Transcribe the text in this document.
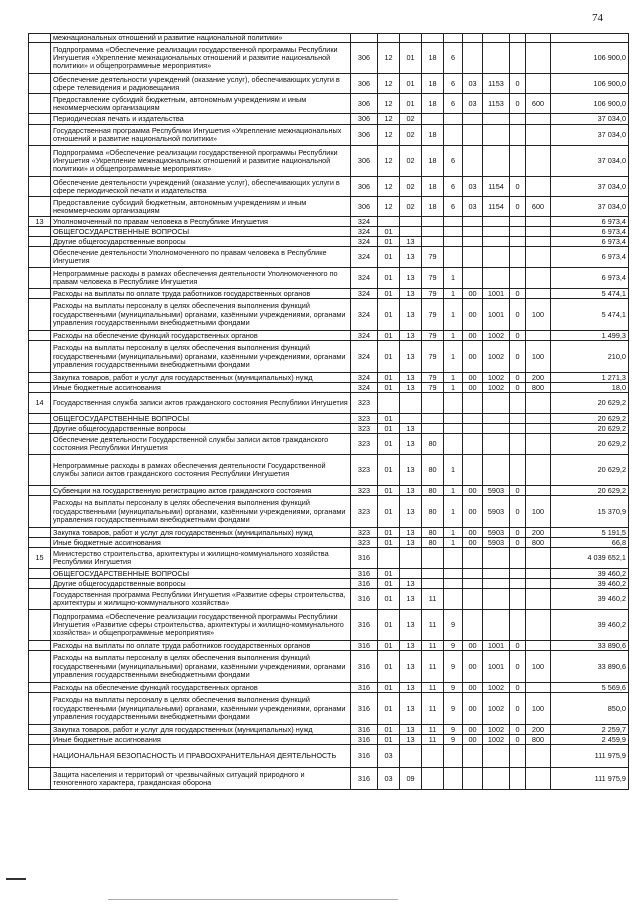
74
	межнациональных отношений и развитие национальной политики»										
	Подпрограмма «Обеспечение реализации государственной программы Республики Ингушетия «Укрепление межнациональных отношений и развитие национальной политики» и общепрограммные мероприятия»	306	12	01	18	6					106 900,0
	Обеспечение деятельности учреждений (оказание услуг), обеспечивающих услуги в сфере телевидения и радиовещания	306	12	01	18	6	03	1153	0		106 900,0
	Предоставление субсидий бюджетным, автономным учреждениям и иным некоммерческим организациям	306	12	01	18	6	03	1153	0	600	106 900,0
	Периодическая печать и издательства	306	12	02							37 034,0
	Государственная программа Республики Ингушетия «Укрепление межнациональных отношений и развитие национальной политики»	306	12	02	18						37 034,0
	Подпрограмма «Обеспечение реализации государственной программы Республики Ингушетия «Укрепление межнациональных отношений и развитие национальной политики» и общепрограммные мероприятия»	306	12	02	18	6					37 034,0
	Обеспечение деятельности учреждений (оказание услуг), обеспечивающих услуги в сфере периодической печати и издательства	306	12	02	18	6	03	1154	0		37 034,0
	Предоставление субсидий бюджетным, автономным учреждениям и иным некоммерческим организациям	306	12	02	18	6	03	1154	0	600	37 034,0
13	Уполномоченный по правам человека в Республике Ингушетия	324									6 973,4
	ОБЩЕГОСУДАРСТВЕННЫЕ ВОПРОСЫ	324	01								6 973,4
	Другие общегосударственные вопросы	324	01	13							6 973,4
	Обеспечение деятельности Уполномоченного по правам человека в Республике Ингушетия	324	01	13	79						6 973,4
	Непрограммные расходы в рамках обеспечения деятельности Уполномоченного по правам человека в Республике Ингушетия	324	01	13	79	1					6 973,4
	Расходы на выплаты по оплате труда работников государственных органов	324	01	13	79	1	00	1001	0		5 474,1
	Расходы на выплаты персоналу в целях обеспечения выполнения функций государственными (муниципальными) органами, казёнными учреждениями, органами управления государственными внебюджетными фондами	324	01	13	79	1	00	1001	0	100	5 474,1
	Расходы на обеспечение функций государственных органов	324	01	13	79	1	00	1002	0		1 499,3
	Расходы на выплаты персоналу в целях обеспечения выполнения функций государственными (муниципальными) органами, казёнными учреждениями, органами управления государственными внебюджетными фондами	324	01	13	79	1	00	1002	0	100	210,0
	Закупка товаров, работ и услуг для государственных (муниципальных) нужд	324	01	13	79	1	00	1002	0	200	1 271,3
	Иные бюджетные ассигнования	324	01	13	79	1	00	1002	0	800	18,0
14	Государственная служба записи актов гражданского состояния Республики Ингушетия	323									20 629,2
	ОБЩЕГОСУДАРСТВЕННЫЕ ВОПРОСЫ	323	01								20 629,2
	Другие общегосударственные вопросы	323	01	13							20 629,2
	Обеспечение деятельности Государственной службы записи актов гражданского состояния Республики Ингушетия	323	01	13	80						20 629,2
	Непрограммные расходы в рамках обеспечения деятельности Государственной службы записи актов гражданского состояния Республики Ингушетия	323	01	13	80	1					20 629,2
	Субвенции на государственную регистрацию актов гражданского состояния	323	01	13	80	1	00	5903	0		20 629,2
	Расходы на выплаты персоналу в целях обеспечения выполнения функций государственными (муниципальными) органами, казёнными учреждениями, органами управления государственными внебюджетными фондами	323	01	13	80	1	00	5903	0	100	15 370,9
	Закупка товаров, работ и услуг для государственных (муниципальных) нужд	323	01	13	80	1	00	5903	0	200	5 191,5
	Иные бюджетные ассигнования	323	01	13	80	1	00	5903	0	800	66,8
15	Министерство строительства, архитектуры и жилищно-коммунального хозяйства Республики Ингушетия	316									4 039 652,1
	ОБЩЕГОСУДАРСТВЕННЫЕ ВОПРОСЫ	316	01								39 460,2
	Другие общегосударственные вопросы	316	01	13							39 460,2
	Государственная программа Республики Ингушетия «Развитие сферы строительства, архитектуры и жилищно-коммунального хозяйства»	316	01	13	11						39 460,2
	Подпрограмма «Обеспечение реализации государственной программы Республики Ингушетия «Развитие сферы строительства, архитектуры и жилищно-коммунального хозяйства» и общепрограммные мероприятия»	316	01	13	11	9					39 460,2
	Расходы на выплаты по оплате труда работников государственных органов	316	01	13	11	9	00	1001	0		33 890,6
	Расходы на выплаты персоналу в целях обеспечения выполнения функций государственными (муниципальными) органами, казёнными учреждениями, органами управления государственными внебюджетными фондами	316	01	13	11	9	00	1001	0	100	33 890,6
	Расходы на обеспечение функций государственных органов	316	01	13	11	9	00	1002	0		5 569,6
	Расходы на выплаты персоналу в целях обеспечения выполнения функций государственными (муниципальными) органами, казёнными учреждениями, органами управления государственными внебюджетными фондами	316	01	13	11	9	00	1002	0	100	850,0
	Закупка товаров, работ и услуг для государственных (муниципальных) нужд	316	01	13	11	9	00	1002	0	200	2 259,7
	Иные бюджетные ассигнования	316	01	13	11	9	00	1002	0	800	2 459,9
	НАЦИОНАЛЬНАЯ БЕЗОПАСНОСТЬ И ПРАВООХРАНИТЕЛЬНАЯ ДЕЯТЕЛЬНОСТЬ	316	03								111 975,9
	Защита населения и территорий от чрезвычайных ситуаций природного и техногенного характера, гражданская оборона	316	03	09							111 975,9
